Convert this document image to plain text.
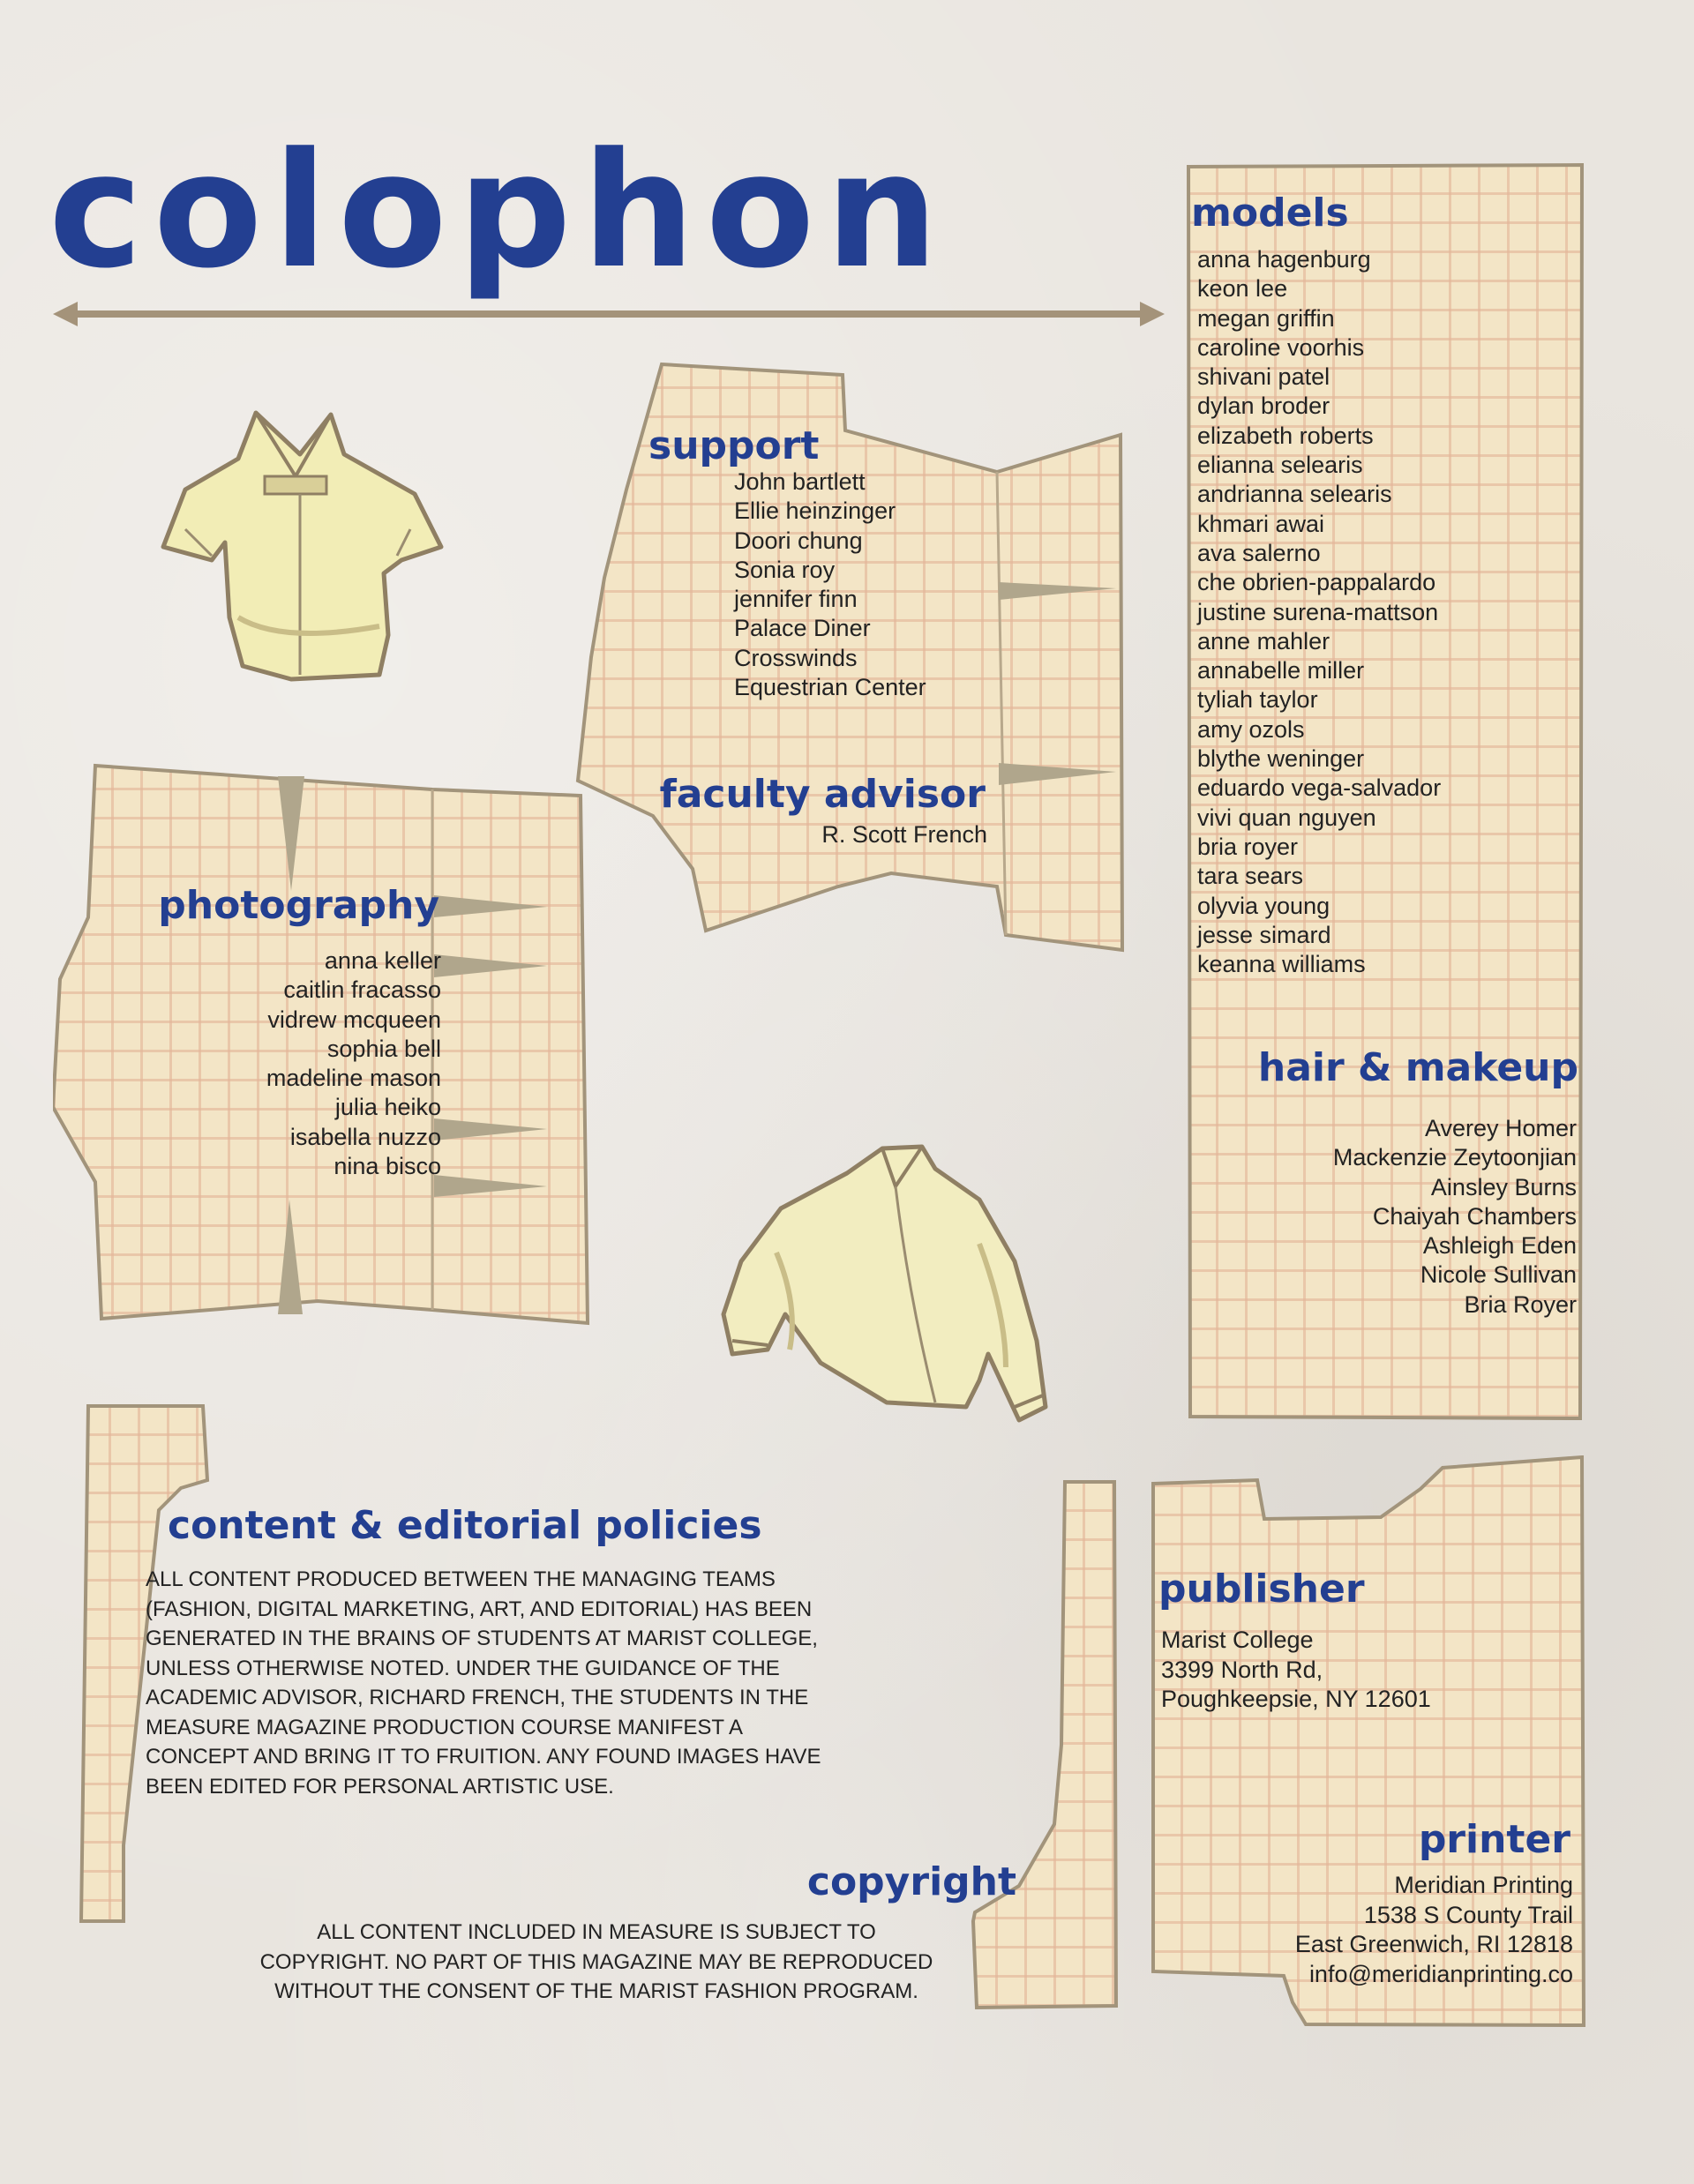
colophon	models
anna hagenburg
keon lee
megan griffin
caroline voorhis
shivani patel
dylan broder
elizabeth roberts
elianna selearis
andrianna selearis
khmari awai
ava salerno
che obrien-pappalardo
justine surena-mattson
anne mahler
annabelle miller
tyliah taylor
amy ozols
blythe weninger
eduardo vega-salvador
vivi quan nguyen
bria royer
tara sears
olyvia young
jesse simard
keanna williams
hair & makeup
Averey Homer
Mackenzie Zeytoonjian
Ainsley Burns
Chaiyah Chambers
Ashleigh Eden
Nicole Sullivan
Bria Royer
support
John bartlett
Ellie heinzinger
Doori chung
Sonia roy
jennifer finn
Palace Diner
Crosswinds
Equestrian Center
faculty advisor
R. Scott French
photography
anna keller
caitlin fracasso
vidrew mcqueen
sophia bell
madeline mason
julia heiko
isabella nuzzo
nina bisco
content & editorial policies
ALL CONTENT PRODUCED BETWEEN THE MANAGING TEAMS
(FASHION, DIGITAL MARKETING, ART, AND EDITORIAL) HAS BEEN
GENERATED IN THE BRAINS OF STUDENTS AT MARIST COLLEGE,
UNLESS OTHERWISE NOTED. UNDER THE GUIDANCE OF THE
ACADEMIC ADVISOR, RICHARD FRENCH, THE STUDENTS IN THE
MEASURE MAGAZINE PRODUCTION COURSE MANIFEST A
CONCEPT AND BRING IT TO FRUITION. ANY FOUND IMAGES HAVE
BEEN EDITED FOR PERSONAL ARTISTIC USE.
copyright
ALL CONTENT INCLUDED IN MEASURE IS SUBJECT TO
COPYRIGHT. NO PART OF THIS MAGAZINE MAY BE REPRODUCED
WITHOUT THE CONSENT OF THE MARIST FASHION PROGRAM.
publisher
Marist College
3399 North Rd,
Poughkeepsie, NY 12601
printer
Meridian Printing
1538 S County Trail
East Greenwich, RI 12818
info@meridianprinting.co
